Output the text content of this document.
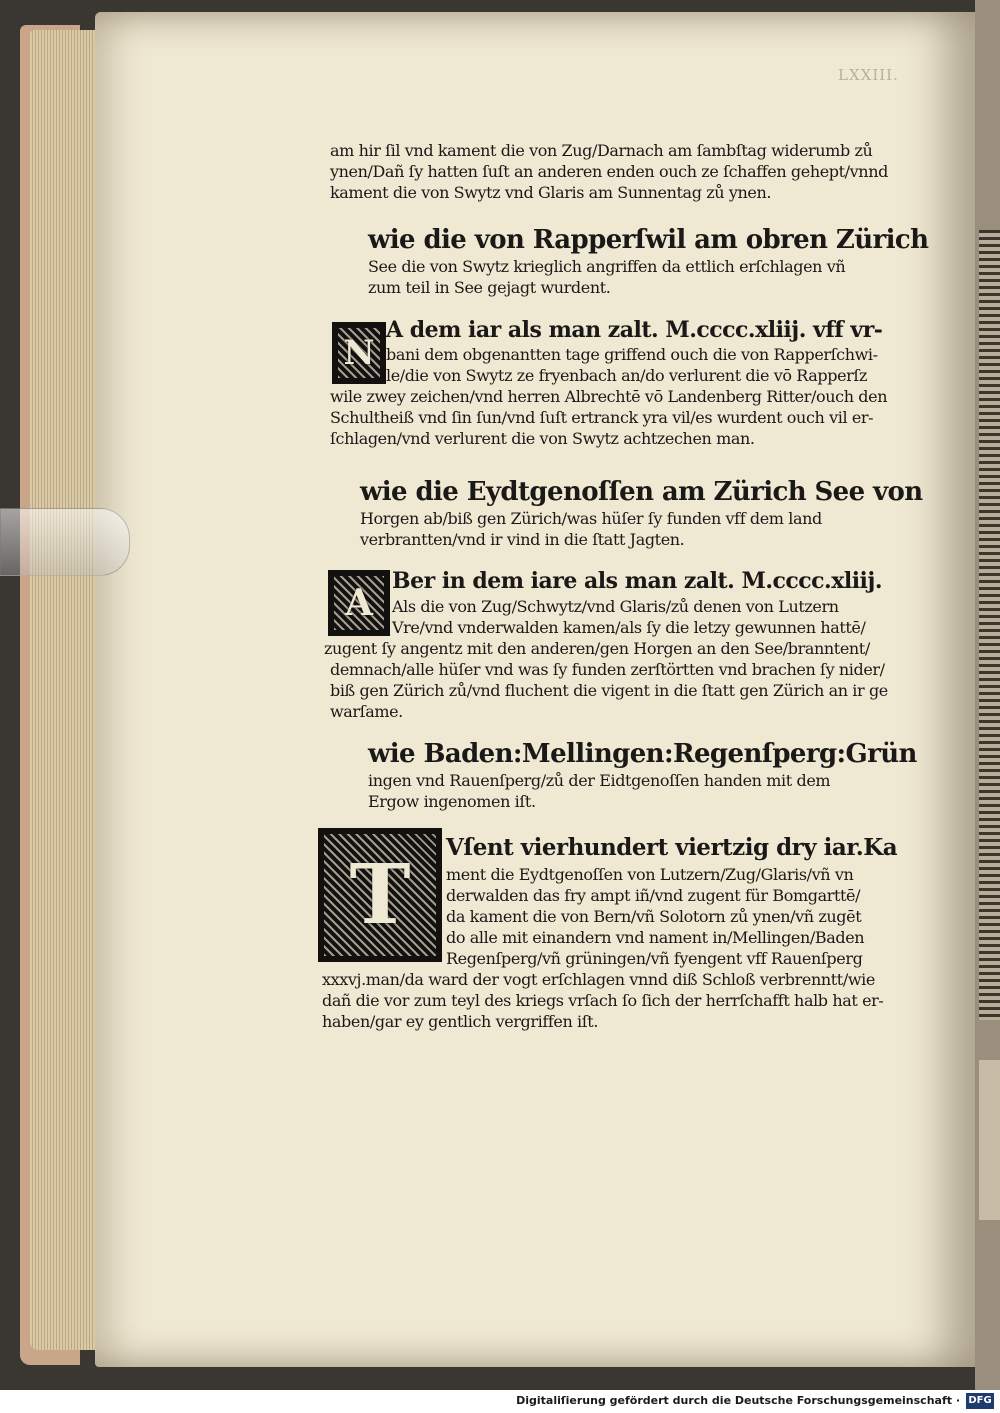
LXXIII.
am hir ſil vnd kament die von Zug/Darnach am ſambſtag widerumb zů
ynen/Dañ ſy hatten ſuſt an anderen enden ouch ze ſchaffen gehept/vnnd
kament die von Swytz vnd Glaris am Sunnentag zů ynen.
wie die von Rapperſwil am obren Zürich
See die von Swytz krieglich angriffen da ettlich erſchlagen vñ
zum teil in See gejagt wurdent.
N
A dem iar als man zalt. M.cccc.xliij. vff vr-
bani dem obgenantten tage griffend ouch die von Rapperſchwi-
le/die von Swytz ze fryenbach an/do verlurent die vō Rapperſz
wile zwey zeichen/vnd herren Albrechtē vō Landenberg Ritter/ouch den
Schultheiß vnd ſin ſun/vnd ſuſt ertranck yra vil/es wurdent ouch vil er-
ſchlagen/vnd verlurent die von Swytz achtzechen man.
wie die Eydtgenoſſen am Zürich See von
Horgen ab/biß gen Zürich/was hüſer ſy funden vff dem land
verbrantten/vnd ir vind in die ſtatt Jagten.
A
Ber in dem iare als man zalt. M.cccc.xliij.
Als die von Zug/Schwytz/vnd Glaris/zů denen von Lutzern
Vre/vnd vnderwalden kamen/als ſy die letzy gewunnen hattē/
zugent ſy angentz mit den anderen/gen Horgen an den See/branntent/
demnach/alle hüſer vnd was ſy funden zerſtörtten vnd brachen ſy nider/
biß gen Zürich zů/vnd fluchent die vigent in die ſtatt gen Zürich an ir ge
warſame.
wie Baden:Mellingen:Regenſperg:Grün
ingen vnd Rauenſperg/zů der Eidtgenoſſen handen mit dem
Ergow ingenomen iſt.
T	Vſent vierhundert viertzig dry iar.Ka
ment die Eydtgenoſſen von Lutzern/Zug/Glaris/vñ vn
derwalden das fry ampt iñ/vnd zugent für Bomgarttē/
da kament die von Bern/vñ Solotorn zů ynen/vñ zugēt
do alle mit einandern vnd nament in/Mellingen/Baden
Regenſperg/vñ grüningen/vñ fyengent vff Rauenſperg
xxxvj.man/da ward der vogt erſchlagen vnnd diß Schloß verbrenntt/wie
dañ die vor zum teyl des kriegs vrſach ſo ſich der herrſchafft halb hat er-
haben/gar ey gentlich vergriffen iſt.
Digitaliſierung gefördert durch die Deutsche Forschungsgemeinschaft · DFG
